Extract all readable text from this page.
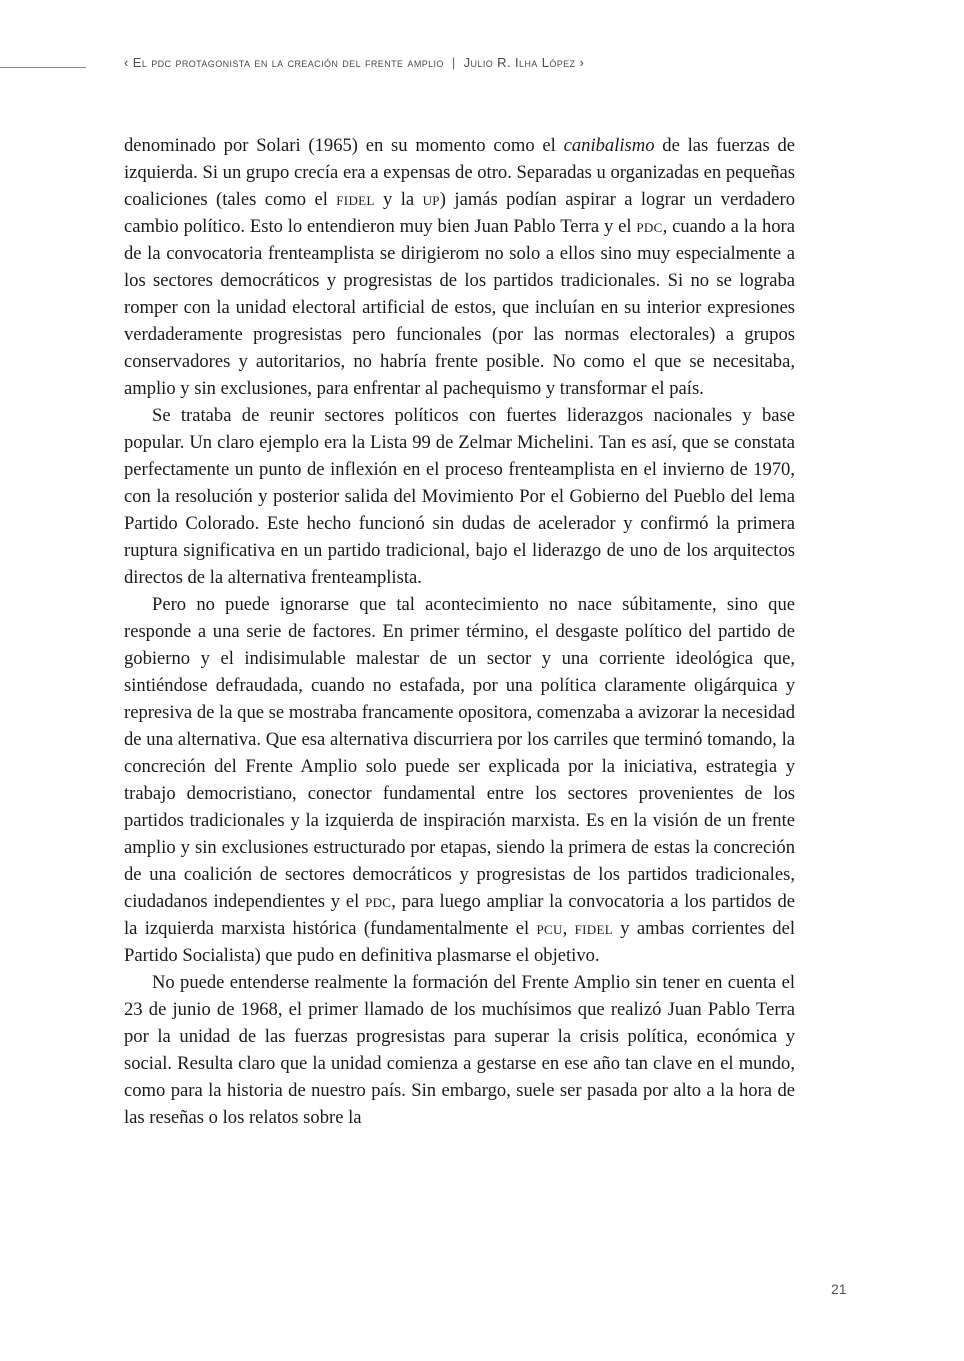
‹ El pdc protagonista en la creación del frente amplio | Julio R. Ilha López ›

denominado por Solari (1965) en su momento como el canibalismo de las fuerzas de izquierda. Si un grupo crecía era a expensas de otro. Separadas u organizadas en pequeñas coaliciones (tales como el fidel y la up) jamás podían aspirar a lograr un verdadero cambio político. Esto lo entendieron muy bien Juan Pablo Terra y el pdc, cuando a la hora de la convocatoria frenteamplista se dirigierom no solo a ellos sino muy especialmente a los sectores democráticos y progresistas de los partidos tradicionales. Si no se lograba romper con la unidad electoral artificial de estos, que incluían en su interior expresiones verdaderamente progresistas pero funcionales (por las normas electorales) a grupos conservadores y autoritarios, no habría frente posible. No como el que se necesitaba, amplio y sin exclusiones, para enfrentar al pachequismo y transformar el país.

Se trataba de reunir sectores políticos con fuertes liderazgos nacionales y base popular. Un claro ejemplo era la Lista 99 de Zelmar Michelini. Tan es así, que se constata perfectamente un punto de inflexión en el proceso frenteamplista en el invierno de 1970, con la resolución y posterior salida del Movimiento Por el Gobierno del Pueblo del lema Partido Colorado. Este hecho funcionó sin dudas de acelerador y confirmó la primera ruptura significativa en un partido tradicional, bajo el liderazgo de uno de los arquitectos directos de la alternativa frenteamplista.

Pero no puede ignorarse que tal acontecimiento no nace súbitamente, sino que responde a una serie de factores. En primer término, el desgaste político del partido de gobierno y el indisimulable malestar de un sector y una corriente ideológica que, sintiéndose defraudada, cuando no estafada, por una política claramente oligárquica y represiva de la que se mostraba francamente opositora, comenzaba a avizorar la necesidad de una alternativa. Que esa alternativa discurriera por los carriles que terminó tomando, la concreción del Frente Amplio solo puede ser explicada por la iniciativa, estrategia y trabajo democristiano, conector fundamental entre los sectores provenientes de los partidos tradicionales y la izquierda de inspiración marxista. Es en la visión de un frente amplio y sin exclusiones estructurado por etapas, siendo la primera de estas la concreción de una coalición de sectores democráticos y progresistas de los partidos tradicionales, ciudadanos independientes y el pdc, para luego ampliar la convocatoria a los partidos de la izquierda marxista histórica (fundamentalmente el pcu, fidel y ambas corrientes del Partido Socialista) que pudo en definitiva plasmarse el objetivo.

No puede entenderse realmente la formación del Frente Amplio sin tener en cuenta el 23 de junio de 1968, el primer llamado de los muchísimos que realizó Juan Pablo Terra por la unidad de las fuerzas progresistas para superar la crisis política, económica y social. Resulta claro que la unidad comienza a gestarse en ese año tan clave en el mundo, como para la historia de nuestro país. Sin embargo, suele ser pasada por alto a la hora de las reseñas o los relatos sobre la

21
